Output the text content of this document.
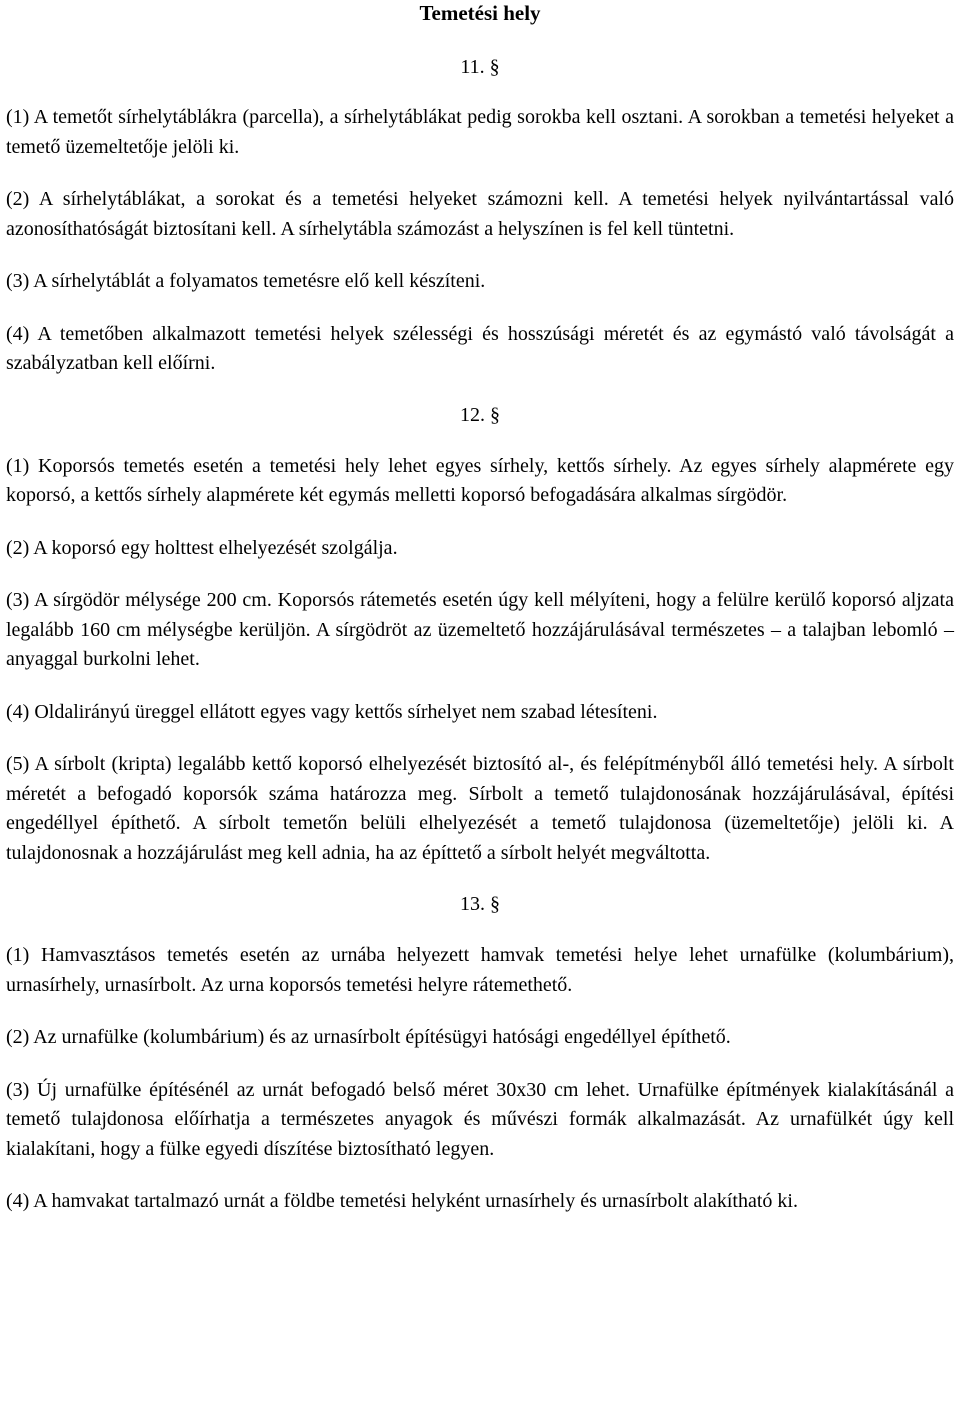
Temetési hely
11. §

(1) A temetőt sírhelytáblákra (parcella), a sírhelytáblákat pedig sorokba kell osztani. A sorokban a temetési helyeket a temető üzemeltetője jelöli ki.

(2) A sírhelytáblákat, a sorokat és a temetési helyeket számozni kell. A temetési helyek nyilvántartással való azonosíthatóságát biztosítani kell. A sírhelytábla számozást a helyszínen is fel kell tüntetni.

(3) A sírhelytáblát a folyamatos temetésre elő kell készíteni.

(4) A temetőben alkalmazott temetési helyek szélességi és hosszúsági méretét és az egymástó való távolságát a szabályzatban kell előírni.

12. §

(1) Koporsós temetés esetén a temetési hely lehet egyes sírhely, kettős sírhely. Az egyes sírhely alapmérete egy koporsó, a kettős sírhely alapmérete két egymás melletti koporsó befogadására alkalmas sírgödör.

(2) A koporsó egy holttest elhelyezését szolgálja.

(3) A sírgödör mélysége 200 cm. Koporsós rátemetés esetén úgy kell mélyíteni, hogy a felülre kerülő koporsó aljzata legalább 160 cm mélységbe kerüljön. A sírgödröt az üzemeltető hozzájárulásával természetes – a talajban lebomló – anyaggal burkolni lehet.

(4) Oldalirányú üreggel ellátott egyes vagy kettős sírhelyet nem szabad létesíteni.

(5) A sírbolt (kripta) legalább kettő koporsó elhelyezését biztosító al-, és felépítményből álló temetési hely. A sírbolt méretét a befogadó koporsók száma határozza meg. Sírbolt a temető tulajdonosának hozzájárulásával, építési engedéllyel építhető. A sírbolt temetőn belüli elhelyezését a temető tulajdonosa (üzemeltetője) jelöli ki. A tulajdonosnak a hozzájárulást meg kell adnia, ha az építtető a sírbolt helyét megváltotta.

13. §

(1) Hamvasztásos temetés esetén az urnába helyezett hamvak temetési helye lehet urnafülke (kolumbárium), urnasírhely, urnasírbolt. Az urna koporsós temetési helyre rátemethető.

(2) Az urnafülke (kolumbárium) és az urnasírbolt építésügyi hatósági engedéllyel építhető.

(3) Új urnafülke építésénél az urnát befogadó belső méret 30x30 cm lehet. Urnafülke építmények kialakításánál a temető tulajdonosa előírhatja a természetes anyagok és művészi formák alkalmazását. Az urnafülkét úgy kell kialakítani, hogy a fülke egyedi díszítése biztosítható legyen.

(4) A hamvakat tartalmazó urnát a földbe temetési helyként urnasírhely és urnasírbolt alakítható ki.
